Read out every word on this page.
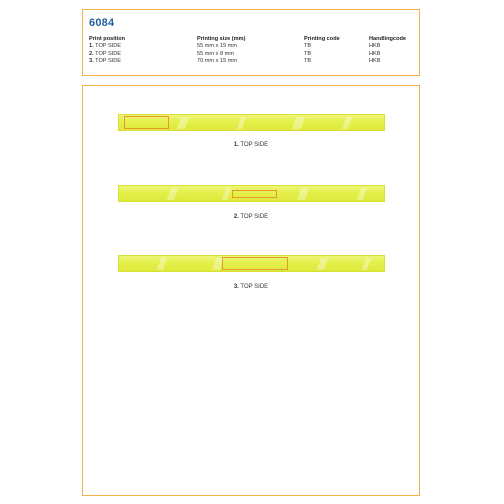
6084
Print position	Printing size (mm)	Printing code	Handlingcode
1. TOP SIDE	55 mm x 15 mm	TB	HKB
2. TOP SIDE	55 mm x 8 mm	TB	HKB
3. TOP SIDE	70 mm x 15 mm	TB	HKB
1. TOP SIDE
2. TOP SIDE
3. TOP SIDE
